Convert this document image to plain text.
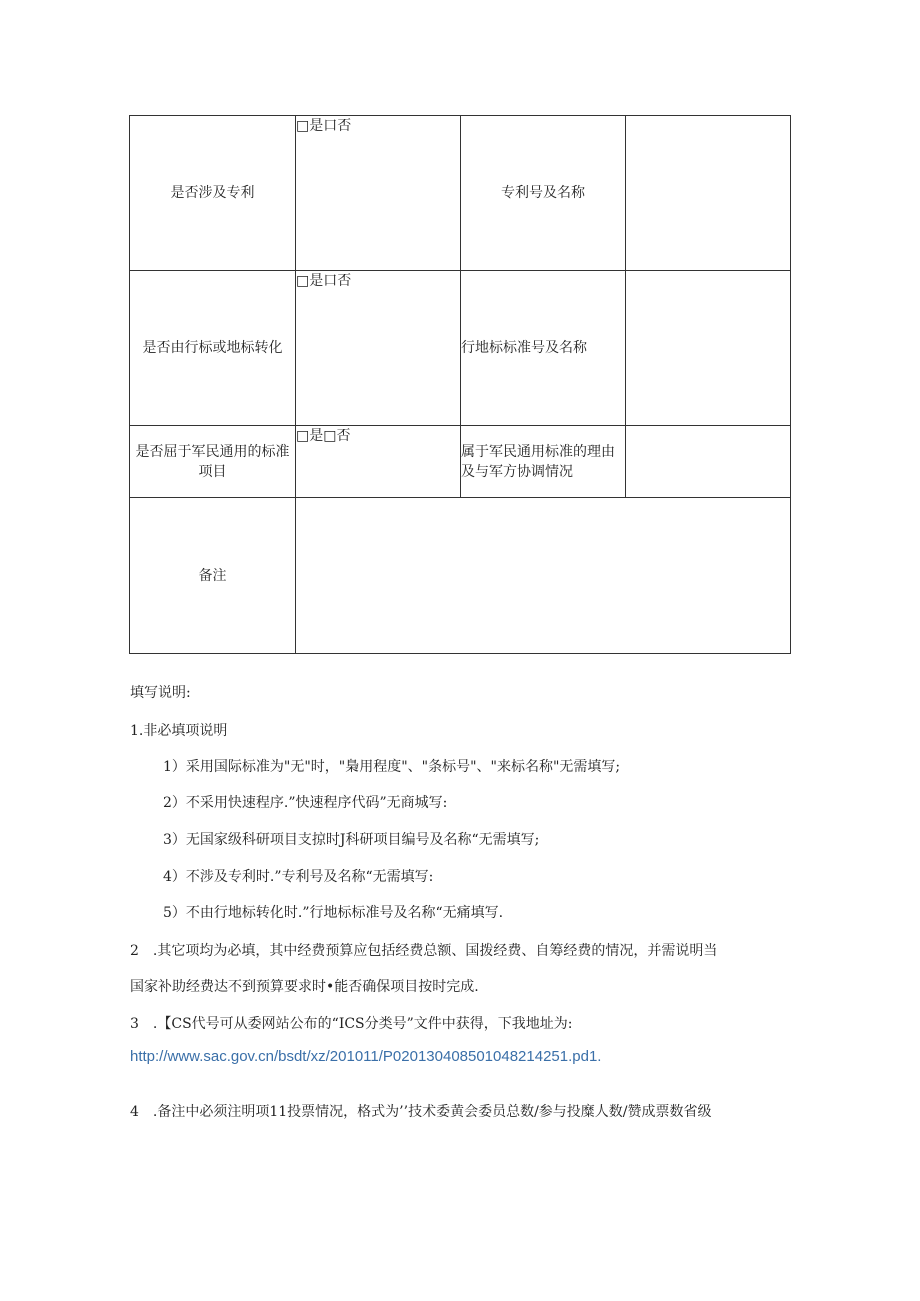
是否涉及专利	□是口否	专利号及名称	
是否由行标或地标转化	□是口否	行地标标准号及名称	
是否屈于军民通用的标准项目	□是□否	属于军民通用标准的理由及与军方协调情况	
备注			
填写说明:
1.非必填项说明
1）采用国际标准为"无"时，"梟用程度"、"条标号"、"来标名称"无需填写;
2）不采用快速程序.”快速程序代码”无商城写:
3）无国家级科研项目支掠时J科研项目编号及名称“无需填写;
4）不涉及专利时.”专利号及名称“无需填写:
5）不由行地标转化时.”行地标标准号及名称“无痛填写.
2　.其它项均为必填，其中经费预算应包括经费总额、国拨经费、自筹经费的情况，并需说明当
国家补助经费达不到预算要求时•能否确保项目按时完成.
3　.【CS代号可从委网站公布的“ICS分类号”文件中获得，下我地址为:
http://www.sac.gov.cn/bsdt/xz/201011/P020130408501048214251.pd1.
4　.备注中必须注明项11投票情况，格式为’’技术委黄会委员总数/参与投糜人数/赞成票数省级
